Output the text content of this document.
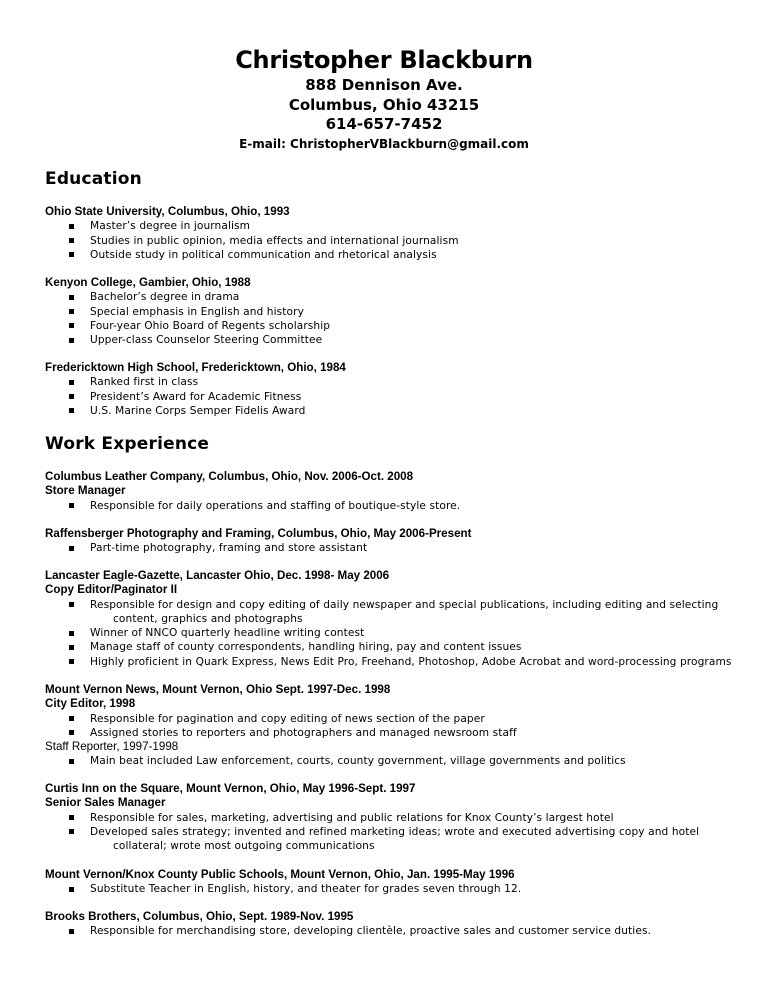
Christopher Blackburn
888 Dennison Ave.
Columbus, Ohio 43215
614-657-7452
E-mail: ChristopherVBlackburn@gmail.com
Education
Ohio State University, Columbus, Ohio, 1993
Master’s degree in journalism
Studies in public opinion, media effects and international journalism
Outside study in political communication and rhetorical analysis
Kenyon College, Gambier, Ohio, 1988
Bachelor’s degree in drama
Special emphasis in English and history
Four-year Ohio Board of Regents scholarship
Upper-class Counselor Steering Committee
Fredericktown High School, Fredericktown, Ohio, 1984
Ranked first in class
President’s Award for Academic Fitness
U.S. Marine Corps Semper Fidelis Award
Work Experience
Columbus Leather Company, Columbus, Ohio, Nov. 2006-Oct. 2008
Store Manager
Responsible for daily operations and staffing of boutique-style store.
Raffensberger Photography and Framing, Columbus, Ohio, May 2006-Present
Part-time photography, framing and store assistant
Lancaster Eagle-Gazette, Lancaster Ohio, Dec. 1998- May 2006
Copy Editor/Paginator II
Responsible for design and copy editing of daily newspaper and special publications, including editing and selecting
content, graphics and photographs
Winner of NNCO quarterly headline writing contest
Manage staff of county correspondents, handling hiring, pay and content issues
Highly proficient in Quark Express, News Edit Pro, Freehand, Photoshop, Adobe Acrobat and word-processing programs
Mount Vernon News, Mount Vernon, Ohio Sept. 1997-Dec. 1998
City Editor, 1998
Responsible for pagination and copy editing of news section of the paper
Assigned stories to reporters and photographers and managed newsroom staff
Staff Reporter, 1997-1998
Main beat included Law enforcement, courts, county government, village governments and politics
Curtis Inn on the Square, Mount Vernon, Ohio, May 1996-Sept. 1997
Senior Sales Manager
Responsible for sales, marketing, advertising and public relations for Knox County’s largest hotel
Developed sales strategy; invented and refined marketing ideas; wrote and executed advertising copy and hotel
collateral; wrote most outgoing communications
Mount Vernon/Knox County Public Schools, Mount Vernon, Ohio, Jan. 1995-May 1996
Substitute Teacher in English, history, and theater for grades seven through 12.
Brooks Brothers, Columbus, Ohio, Sept. 1989-Nov. 1995
Responsible for merchandising store, developing clientèle, proactive sales and customer service duties.
